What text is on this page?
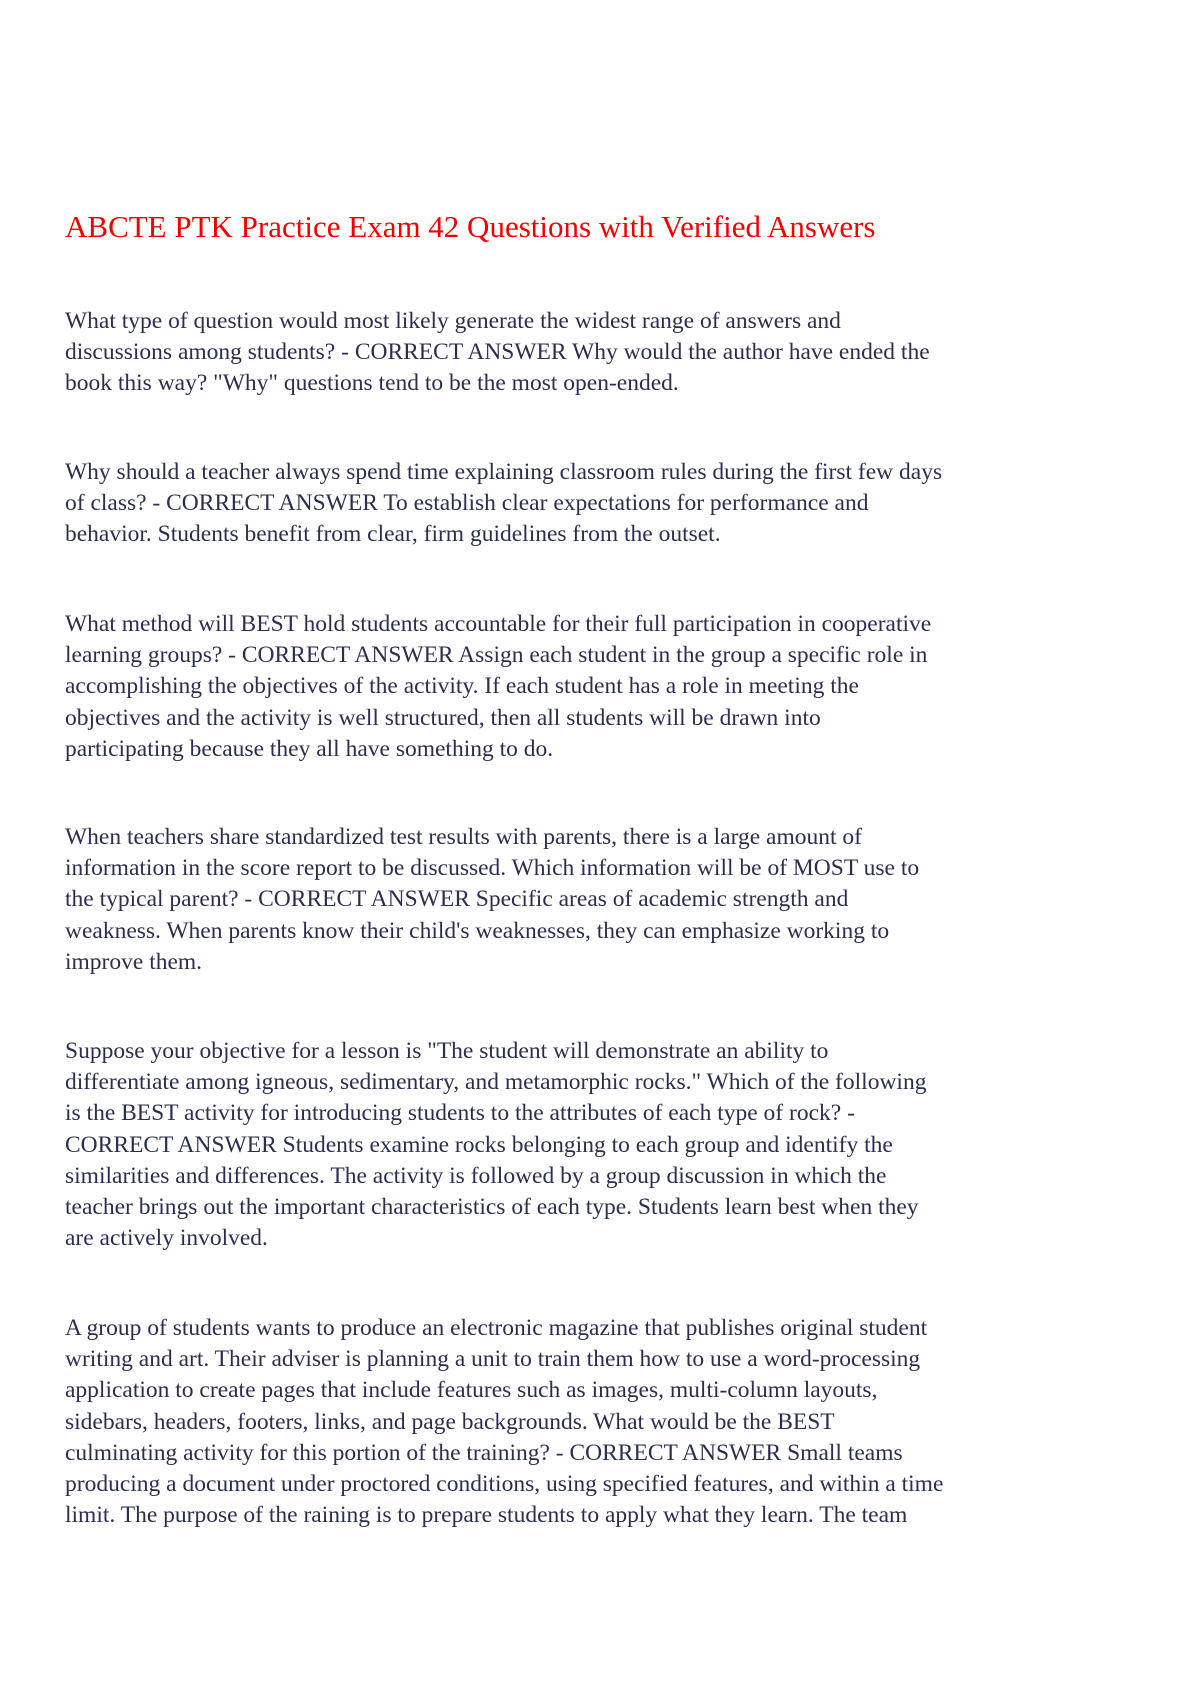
ABCTE PTK Practice Exam 42 Questions with Verified Answers

What type of question would most likely generate the widest range of answers and
discussions among students? - CORRECT ANSWER Why would the author have ended the
book this way? "Why" questions tend to be the most open-ended.

Why should a teacher always spend time explaining classroom rules during the first few days
of class? - CORRECT ANSWER To establish clear expectations for performance and
behavior. Students benefit from clear, firm guidelines from the outset.

What method will BEST hold students accountable for their full participation in cooperative
learning groups? - CORRECT ANSWER Assign each student in the group a specific role in
accomplishing the objectives of the activity. If each student has a role in meeting the
objectives and the activity is well structured, then all students will be drawn into
participating because they all have something to do.

When teachers share standardized test results with parents, there is a large amount of
information in the score report to be discussed. Which information will be of MOST use to
the typical parent? - CORRECT ANSWER Specific areas of academic strength and
weakness. When parents know their child's weaknesses, they can emphasize working to
improve them.

Suppose your objective for a lesson is "The student will demonstrate an ability to
differentiate among igneous, sedimentary, and metamorphic rocks." Which of the following
is the BEST activity for introducing students to the attributes of each type of rock? -
CORRECT ANSWER Students examine rocks belonging to each group and identify the
similarities and differences. The activity is followed by a group discussion in which the
teacher brings out the important characteristics of each type. Students learn best when they
are actively involved.

A group of students wants to produce an electronic magazine that publishes original student
writing and art. Their adviser is planning a unit to train them how to use a word-processing
application to create pages that include features such as images, multi-column layouts,
sidebars, headers, footers, links, and page backgrounds. What would be the BEST
culminating activity for this portion of the training? - CORRECT ANSWER Small teams
producing a document under proctored conditions, using specified features, and within a time
limit. The purpose of the raining is to prepare students to apply what they learn. The team
